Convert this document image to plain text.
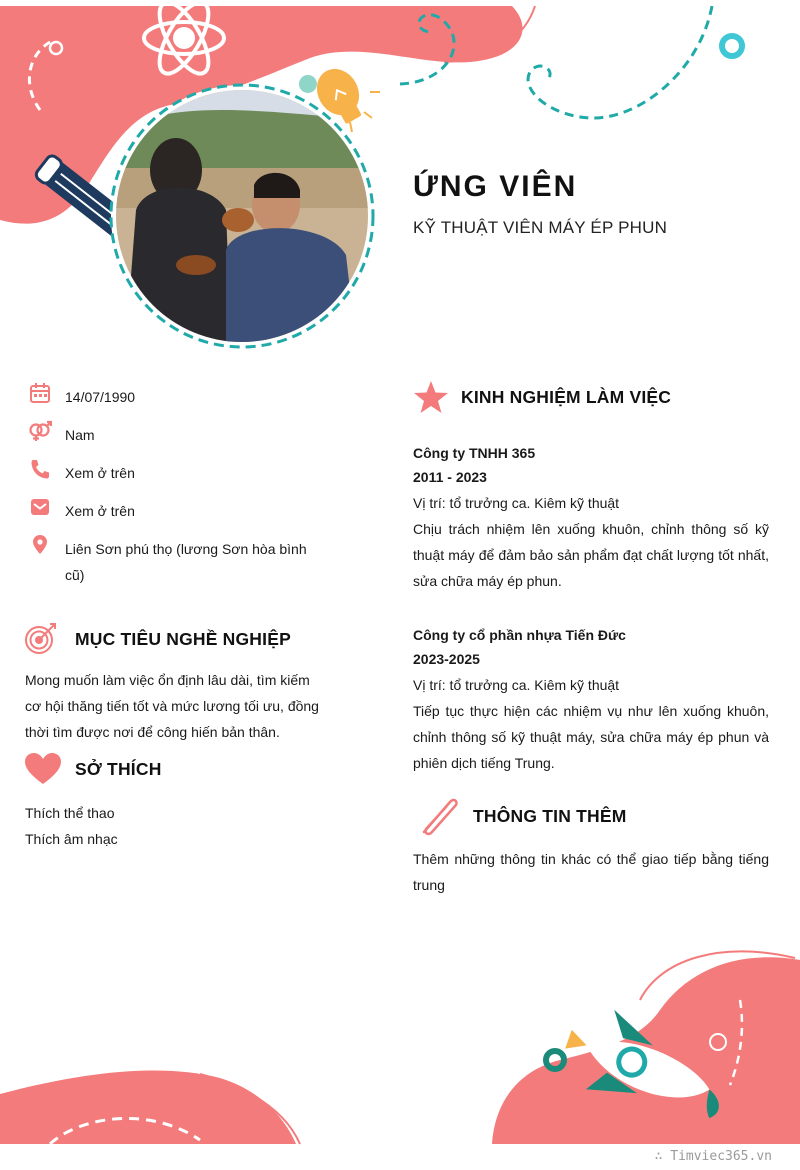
ỨNG VIÊN
KỸ THUẬT VIÊN MÁY ÉP PHUN
14/07/1990
Nam
Xem ở trên
Xem ở trên
Liên Sơn phú thọ (lương Sơn hòa bình cũ)
MỤC TIÊU NGHỀ NGHIỆP
Mong muốn làm việc ổn định lâu dài, tìm kiếm cơ hội thăng tiến tốt và mức lương tối ưu, đồng thời tìm được nơi để công hiến bản thân.
SỞ THÍCH
Thích thể thao
Thích âm nhạc
KINH NGHIỆM LÀM VIỆC
Công ty TNHH 365
2011 - 2023
Vị trí: tổ trưởng ca. Kiêm kỹ thuật
Chịu trách nhiệm lên xuống khuôn, chỉnh thông số kỹ thuật máy để đảm bảo sản phẩm đạt chất lượng tốt nhất, sửa chữa máy ép phun.
Công ty cổ phần nhựa Tiến Đức
2023-2025
Vị trí: tổ trưởng ca. Kiêm kỹ thuật
Tiếp tục thực hiện các nhiệm vụ như lên xuống khuôn, chỉnh thông số kỹ thuật máy, sửa chữa máy ép phun và phiên dịch tiếng Trung.
THÔNG TIN THÊM
Thêm những thông tin khác có thể giao tiếp bằng tiếng trung
∴ Timviec365.vn
